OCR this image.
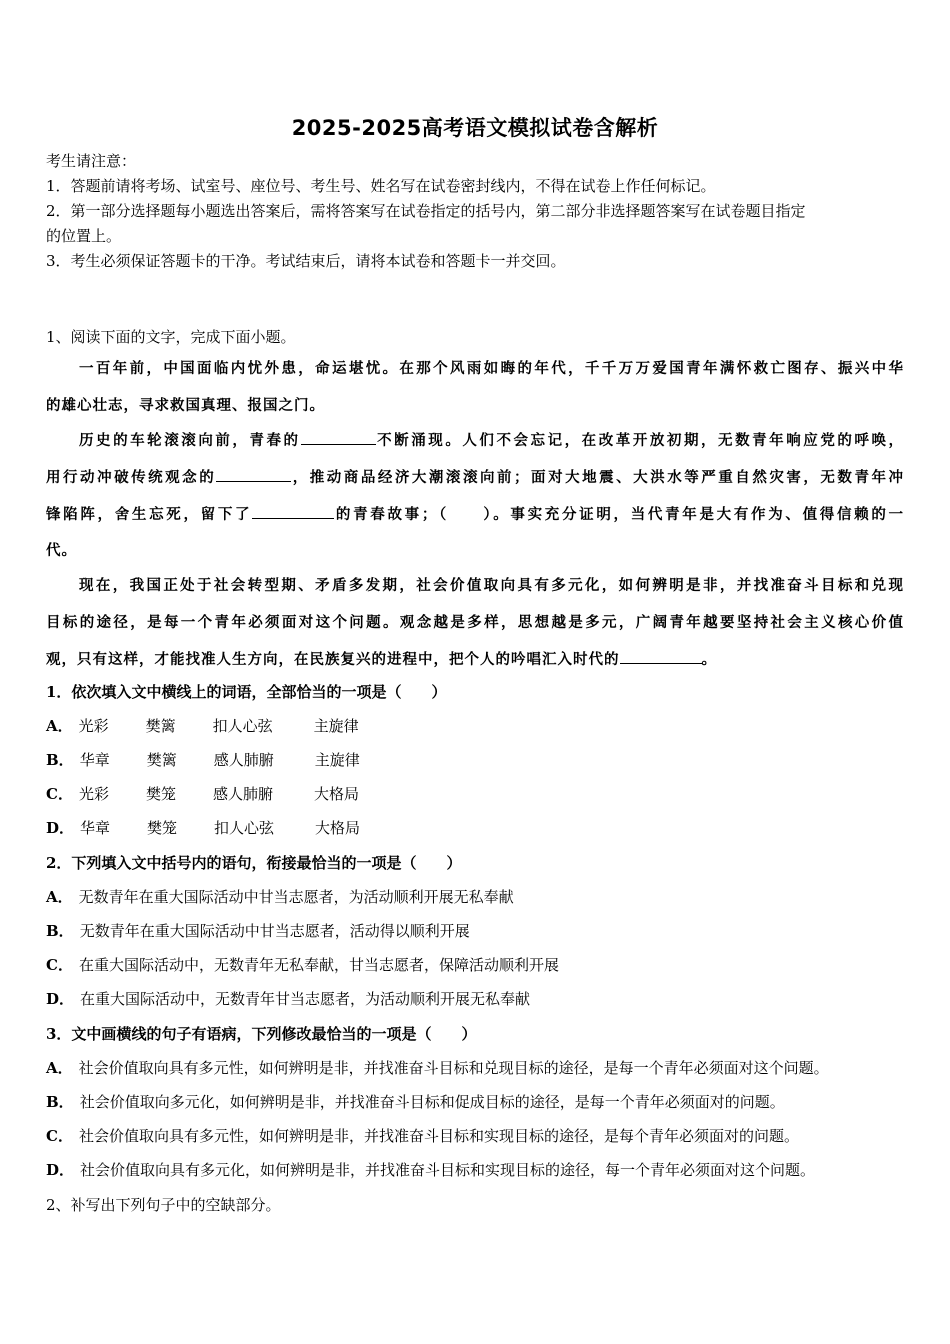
2025-2025高考语文模拟试卷含解析
考生请注意：
1．答题前请将考场、试室号、座位号、考生号、姓名写在试卷密封线内，不得在试卷上作任何标记。
2．第一部分选择题每小题选出答案后，需将答案写在试卷指定的括号内，第二部分非选择题答案写在试卷题目指定
的位置上。
3．考生必须保证答题卡的干净。考试结束后，请将本试卷和答题卡一并交回。
1、阅读下面的文字，完成下面小题。
一百年前，中国面临内忧外患，命运堪忧。在那个风雨如晦的年代，千千万万爱国青年满怀救亡图存、振兴中华
的雄心壮志，寻求救国真理、报国之门。
历史的车轮滚滚向前，青春的	不断涌现。人们不会忘记，在改革开放初期，无数青年响应党的呼唤，
用行动冲破传统观念的	，推动商品经济大潮滚滚向前；面对大地震、大洪水等严重自然灾害，无数青年冲
锋陷阵，舍生忘死，留下了	的青春故事；（　　）。事实充分证明，当代青年是大有作为、值得信赖的一
代。
现在，我国正处于社会转型期、矛盾多发期，社会价值取向具有多元化，如何辨明是非，并找准奋斗目标和兑现
目标的途径，是每一个青年必须面对这个问题。观念越是多样，思想越是多元，广阔青年越要坚持社会主义核心价值
观，只有这样，才能找准人生方向，在民族复兴的进程中，把个人的吟唱汇入时代的	。
1．依次填入文中横线上的词语，全部恰当的一项是（　　）
A． 光彩 樊篱 扣人心弦	主旋律
B． 华章 樊篱 感人肺腑	主旋律
C． 光彩 樊笼 感人肺腑	大格局
D． 华章 樊笼 扣人心弦	大格局
2．下列填入文中括号内的语句，衔接最恰当的一项是（　　）
A． 无数青年在重大国际活动中甘当志愿者，为活动顺利开展无私奉献
B． 无数青年在重大国际活动中甘当志愿者，活动得以顺利开展
C． 在重大国际活动中，无数青年无私奉献，甘当志愿者，保障活动顺利开展
D． 在重大国际活动中，无数青年甘当志愿者，为活动顺利开展无私奉献
3．文中画横线的句子有语病，下列修改最恰当的一项是（　　）
A． 社会价值取向具有多元性，如何辨明是非，并找准奋斗目标和兑现目标的途径，是每一个青年必须面对这个问题。
B． 社会价值取向多元化，如何辨明是非，并找准奋斗目标和促成目标的途径，是每一个青年必须面对的问题。
C． 社会价值取向具有多元性，如何辨明是非，并找准奋斗目标和实现目标的途径，是每个青年必须面对的问题。
D． 社会价值取向具有多元化，如何辨明是非，并找准奋斗目标和实现目标的途径，每一个青年必须面对这个问题。
2、补写出下列句子中的空缺部分。
